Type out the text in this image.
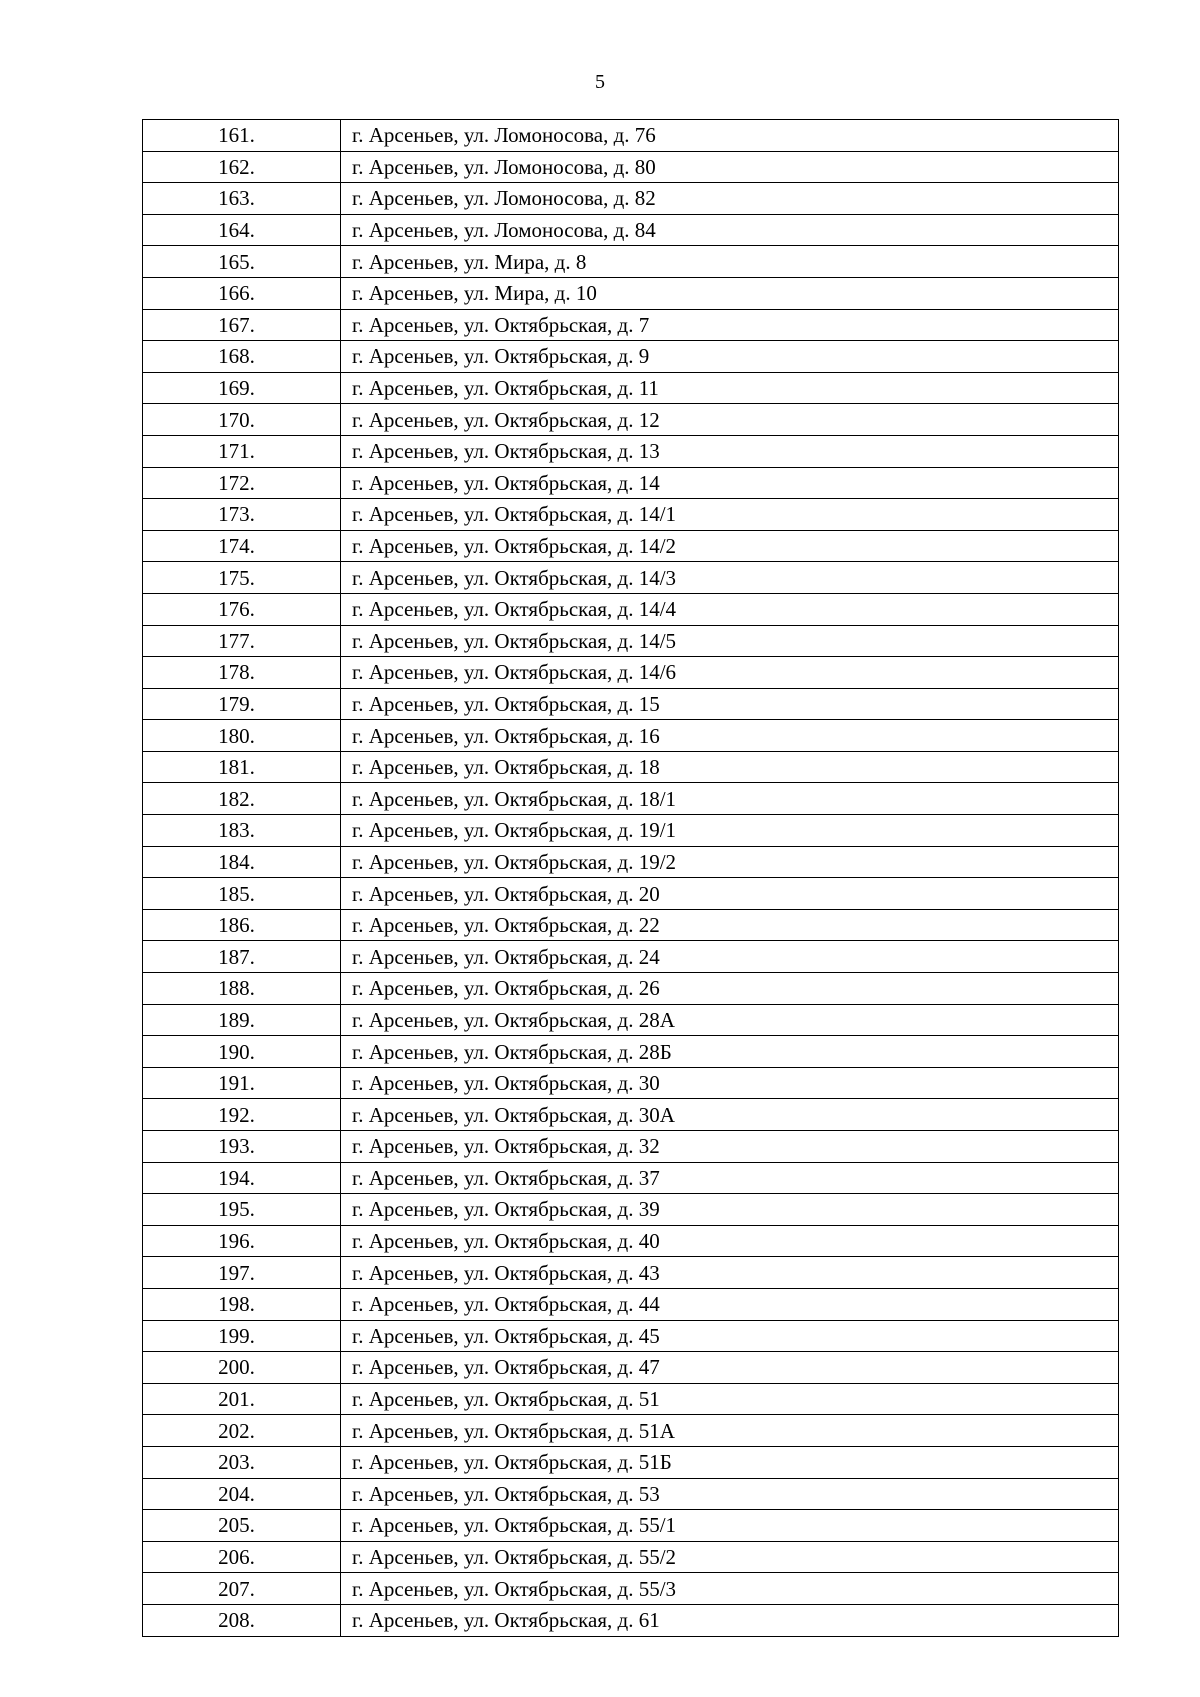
5
161.	г. Арсеньев, ул. Ломоносова, д. 76
162.	г. Арсеньев, ул. Ломоносова, д. 80
163.	г. Арсеньев, ул. Ломоносова, д. 82
164.	г. Арсеньев, ул. Ломоносова, д. 84
165.	г. Арсеньев, ул. Мира, д. 8
166.	г. Арсеньев, ул. Мира, д. 10
167.	г. Арсеньев, ул. Октябрьская, д. 7
168.	г. Арсеньев, ул. Октябрьская, д. 9
169.	г. Арсеньев, ул. Октябрьская, д. 11
170.	г. Арсеньев, ул. Октябрьская, д. 12
171.	г. Арсеньев, ул. Октябрьская, д. 13
172.	г. Арсеньев, ул. Октябрьская, д. 14
173.	г. Арсеньев, ул. Октябрьская, д. 14/1
174.	г. Арсеньев, ул. Октябрьская, д. 14/2
175.	г. Арсеньев, ул. Октябрьская, д. 14/3
176.	г. Арсеньев, ул. Октябрьская, д. 14/4
177.	г. Арсеньев, ул. Октябрьская, д. 14/5
178.	г. Арсеньев, ул. Октябрьская, д. 14/6
179.	г. Арсеньев, ул. Октябрьская, д. 15
180.	г. Арсеньев, ул. Октябрьская, д. 16
181.	г. Арсеньев, ул. Октябрьская, д. 18
182.	г. Арсеньев, ул. Октябрьская, д. 18/1
183.	г. Арсеньев, ул. Октябрьская, д. 19/1
184.	г. Арсеньев, ул. Октябрьская, д. 19/2
185.	г. Арсеньев, ул. Октябрьская, д. 20
186.	г. Арсеньев, ул. Октябрьская, д. 22
187.	г. Арсеньев, ул. Октябрьская, д. 24
188.	г. Арсеньев, ул. Октябрьская, д. 26
189.	г. Арсеньев, ул. Октябрьская, д. 28А
190.	г. Арсеньев, ул. Октябрьская, д. 28Б
191.	г. Арсеньев, ул. Октябрьская, д. 30
192.	г. Арсеньев, ул. Октябрьская, д. 30А
193.	г. Арсеньев, ул. Октябрьская, д. 32
194.	г. Арсеньев, ул. Октябрьская, д. 37
195.	г. Арсеньев, ул. Октябрьская, д. 39
196.	г. Арсеньев, ул. Октябрьская, д. 40
197.	г. Арсеньев, ул. Октябрьская, д. 43
198.	г. Арсеньев, ул. Октябрьская, д. 44
199.	г. Арсеньев, ул. Октябрьская, д. 45
200.	г. Арсеньев, ул. Октябрьская, д. 47
201.	г. Арсеньев, ул. Октябрьская, д. 51
202.	г. Арсеньев, ул. Октябрьская, д. 51А
203.	г. Арсеньев, ул. Октябрьская, д. 51Б
204.	г. Арсеньев, ул. Октябрьская, д. 53
205.	г. Арсеньев, ул. Октябрьская, д. 55/1
206.	г. Арсеньев, ул. Октябрьская, д. 55/2
207.	г. Арсеньев, ул. Октябрьская, д. 55/3
208.	г. Арсеньев, ул. Октябрьская, д. 61
